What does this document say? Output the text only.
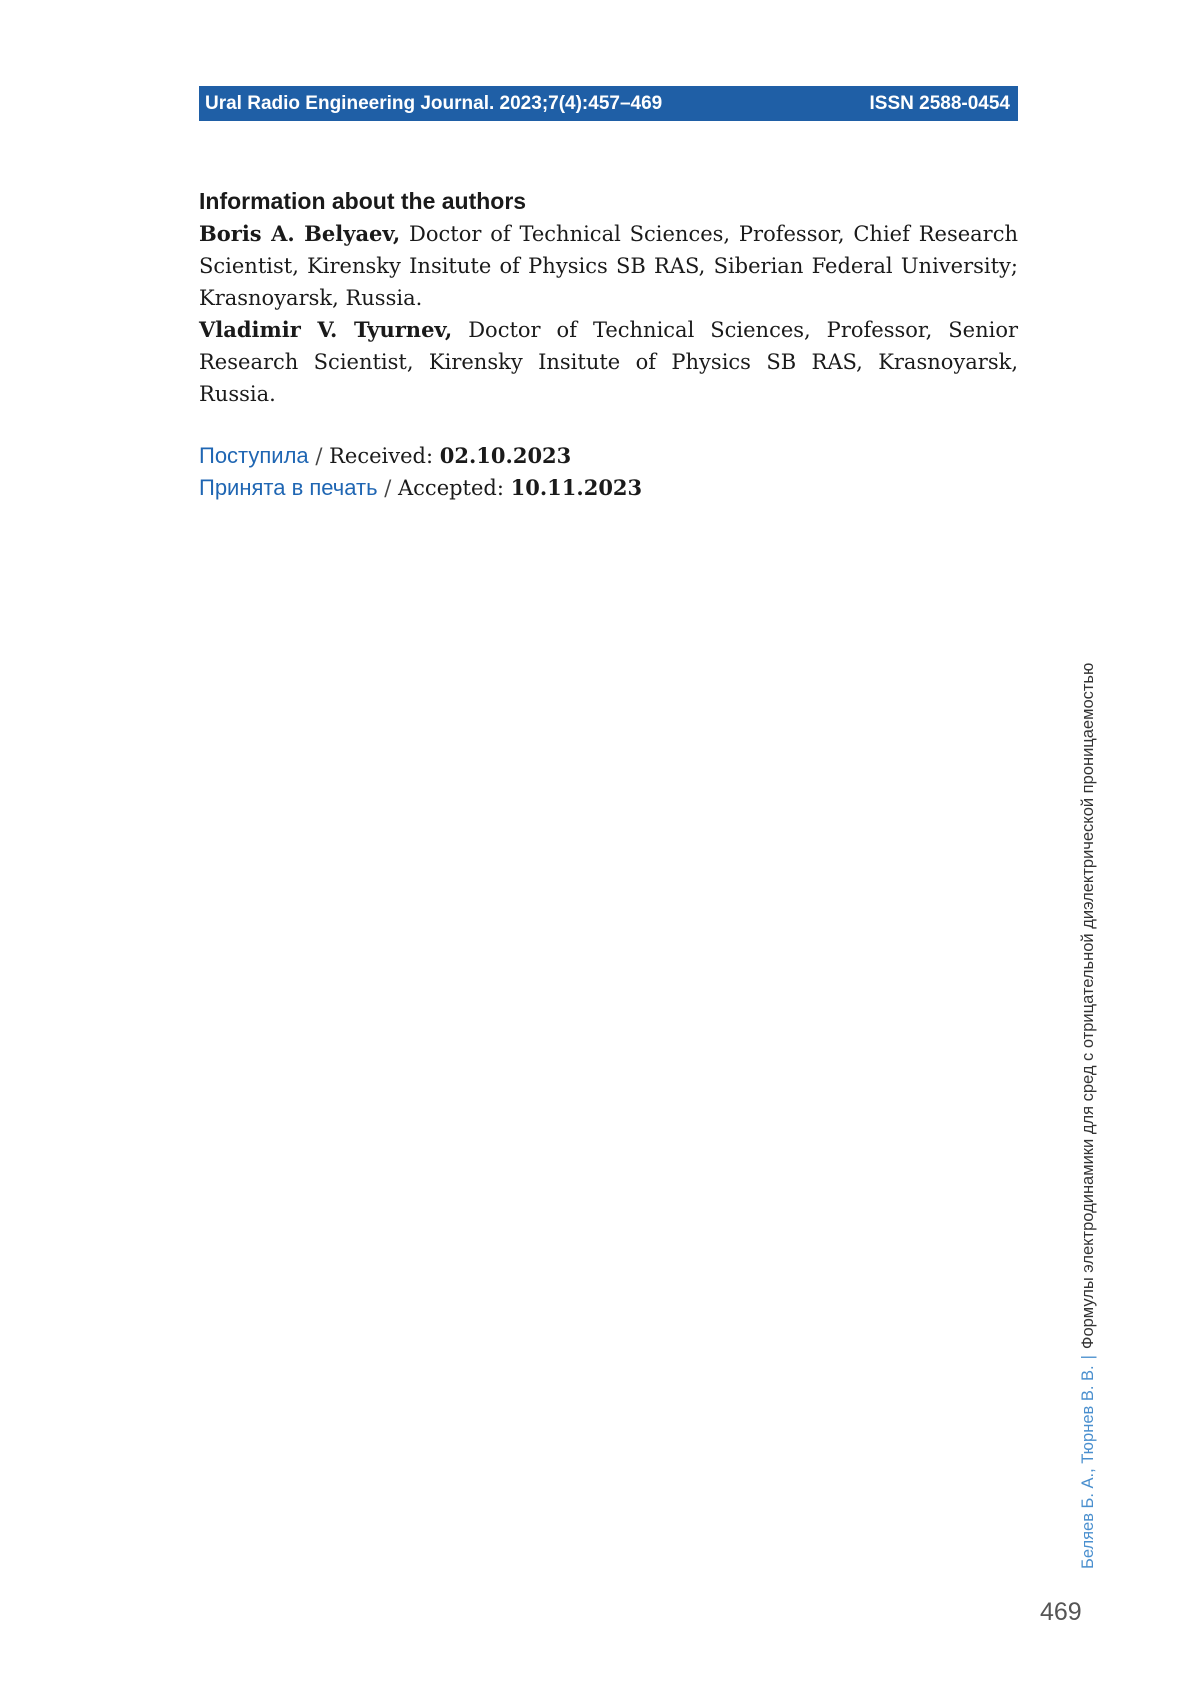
Ural Radio Engineering Journal. 2023;7(4):457–469	ISSN 2588-0454
Information about the authors

Boris A. Belyaev, Doctor of Technical Sciences, Professor, Chief Research Scientist, Kirensky Insitute of Physics SB RAS, Siberian Federal University; Krasnoyarsk, Russia.

Vladimir V. Tyurnev, Doctor of Technical Sciences, Professor, Senior Research Scientist, Kirensky Insitute of Physics SB RAS, Krasnoyarsk, Russia.

Поступила / Received: 02.10.2023
Принята в печать / Accepted: 10.11.2023
Беляев Б. А., Тюрнев В. В.|Формулы электродинамики для сред с отрицательной диэлектрической проницаемостью
469
